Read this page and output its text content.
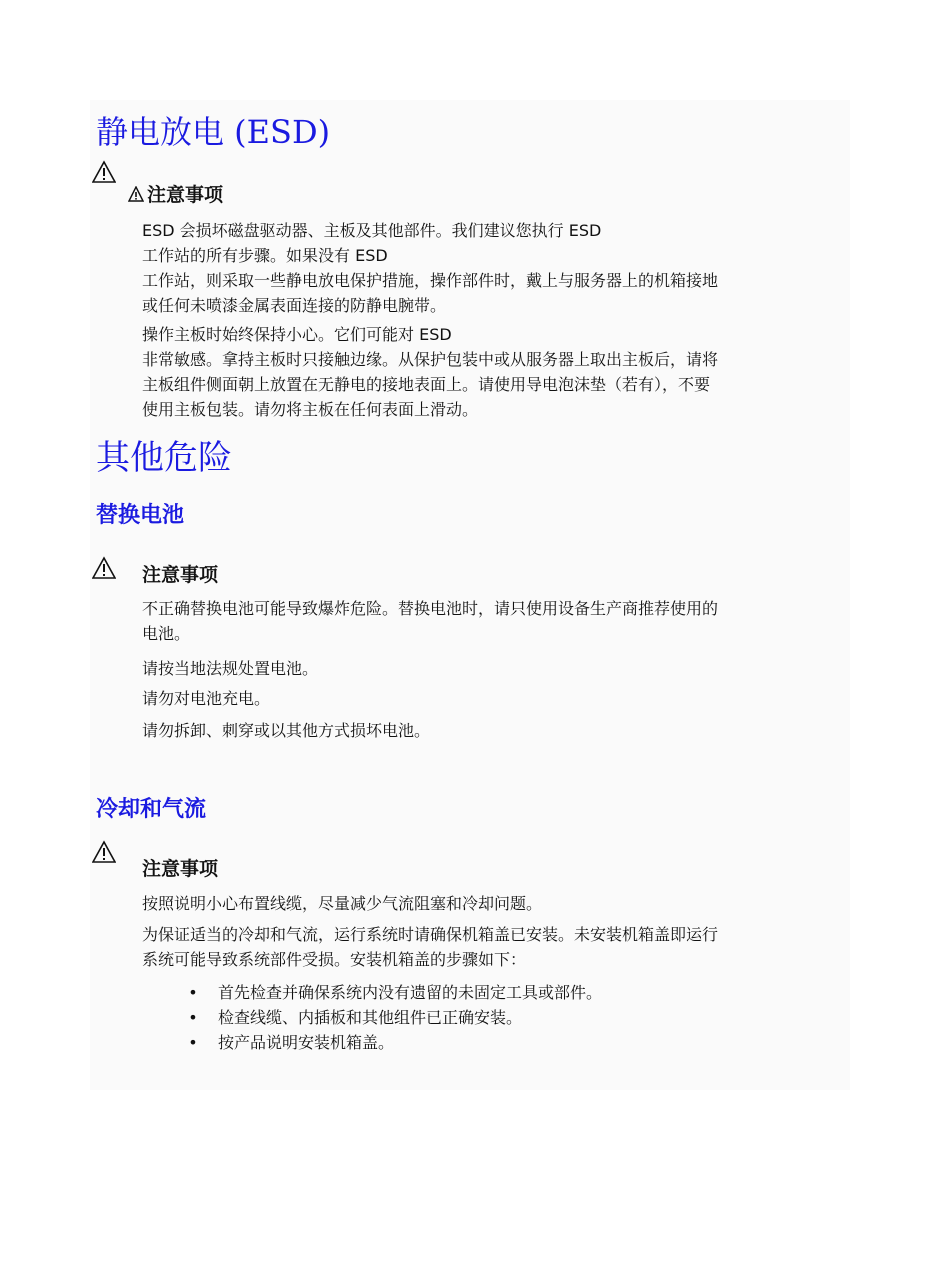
静电放电 (ESD)
注意事项
ESD 会损坏磁盘驱动器、主板及其他部件。我们建议您执行 ESD
工作站的所有步骤。如果没有 ESD
工作站，则采取一些静电放电保护措施，操作部件时，戴上与服务器上的机箱接地
或任何未喷漆金属表面连接的防静电腕带。
操作主板时始终保持小心。它们可能对 ESD
非常敏感。拿持主板时只接触边缘。从保护包装中或从服务器上取出主板后，请将
主板组件侧面朝上放置在无静电的接地表面上。请使用导电泡沫垫（若有），不要
使用主板包装。请勿将主板在任何表面上滑动。
其他危险
替换电池
注意事项
不正确替换电池可能导致爆炸危险。替换电池时，请只使用设备生产商推荐使用的
电池。
请按当地法规处置电池。
请勿对电池充电。
请勿拆卸、刺穿或以其他方式损坏电池。
冷却和气流
注意事项
按照说明小心布置线缆，尽量减少气流阻塞和冷却问题。
为保证适当的冷却和气流，运行系统时请确保机箱盖已安装。未安装机箱盖即运行
系统可能导致系统部件受损。安装机箱盖的步骤如下：
• 首先检查并确保系统内没有遗留的未固定工具或部件。
• 检查线缆、内插板和其他组件已正确安装。
• 按产品说明安装机箱盖。
